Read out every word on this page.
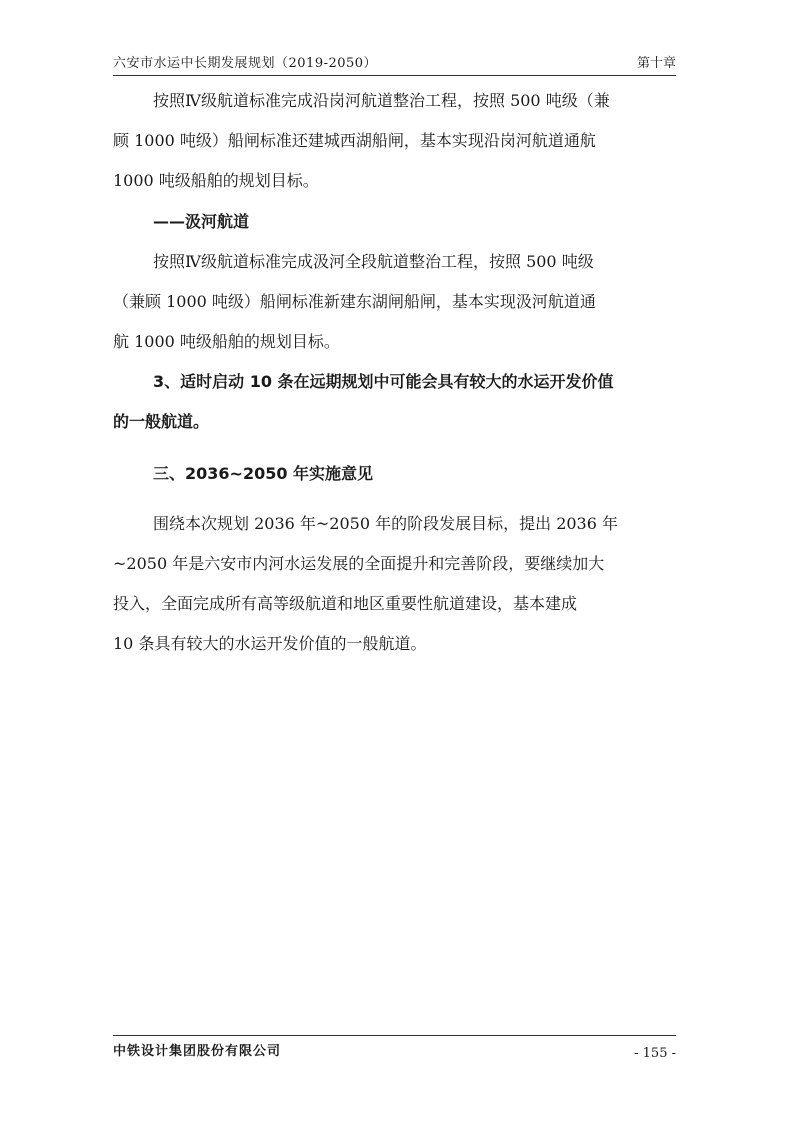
六安市水运中长期发展规划（2019-2050）	第十章
按照Ⅳ级航道标准完成沿岗河航道整治工程，按照 500 吨级（兼
顾 1000 吨级）船闸标准还建城西湖船闸，基本实现沿岗河航道通航
1000 吨级船舶的规划目标。
——汲河航道
按照Ⅳ级航道标准完成汲河全段航道整治工程，按照 500 吨级
（兼顾 1000 吨级）船闸标准新建东湖闸船闸，基本实现汲河航道通
航 1000 吨级船舶的规划目标。
3、适时启动 10 条在远期规划中可能会具有较大的水运开发价值
的一般航道。
三、2036~2050 年实施意见
围绕本次规划 2036 年~2050 年的阶段发展目标，提出 2036 年
~2050 年是六安市内河水运发展的全面提升和完善阶段，要继续加大
投入，全面完成所有高等级航道和地区重要性航道建设，基本建成
10 条具有较大的水运开发价值的一般航道。
中铁设计集团股份有限公司	- 155 -
